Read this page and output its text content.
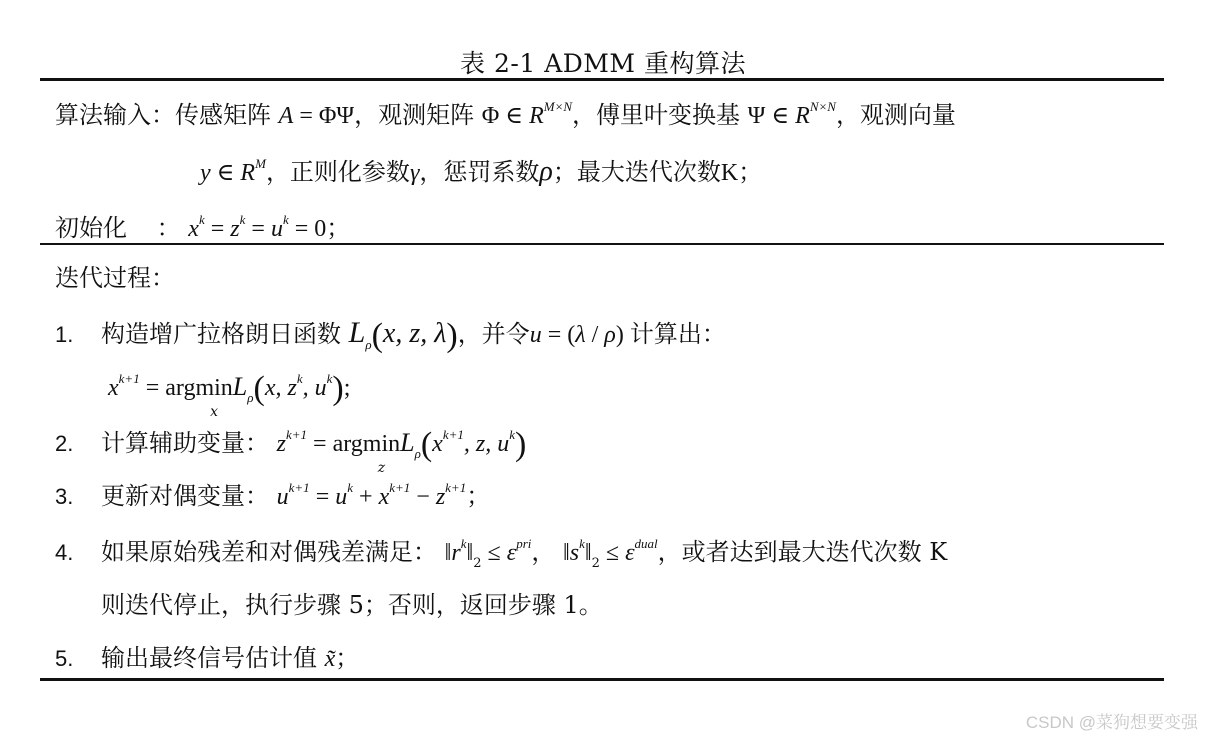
表 2-1 ADMM 重构算法
算法输入：传感矩阵 A = ΦΨ，观测矩阵 Φ ∈ $R^{M\times N}$，傅里叶变换基 Ψ ∈ $R^{N\times N}$，观测向量
y ∈ $R^M$，正则化参数γ，惩罚系数ρ；最大迭代次数K；
初始化 ： $x^k = z^k = u^k = 0$；
迭代过程：
1. 构造增广拉格朗日函数 $L_\rho(x$, z, λ)，并令u = (λ / ρ) 计算出：
$x^{k+1} = argmin$
x
$L_\rho(x$, $z^k$, $u^k$);
2. 计算辅助变量： $z^{k+1} = argmin$
z
$L_\rho(x^{k+1}$, z, $u^k$)
3. 更新对偶变量： $u^{k+1} = u^k + x^{k+1} - z^{k+1}$；
4. 如果原始残差和对偶残差满足： $‖r^k‖_2 \le \varepsilon^{pri}$， $‖s^k‖_2 \le \varepsilon^{dual}$，或者达到最大迭代次数 K
则迭代停止，执行步骤 5；否则，返回步骤 1。
5. 输出最终信号估计值 x̃；
CSDN @菜狗想要变强
